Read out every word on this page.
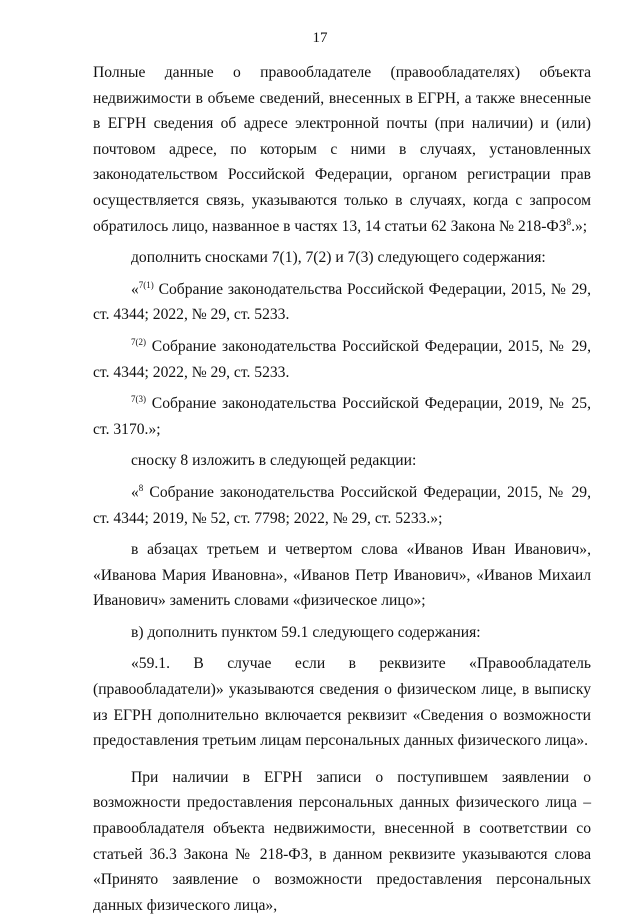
17

Полные данные о правообладателе (правообладателях) объекта недвижимости в объеме сведений, внесенных в ЕГРН, а также внесенные в ЕГРН сведения об адресе электронной почты (при наличии) и (или) почтовом адресе, по которым с ними в случаях, установленных законодательством Российской Федерации, органом регистрации прав осуществляется связь, указываются только в случаях, когда с запросом обратилось лицо, названное в частях 13, 14 статьи 62 Закона № $218-ФЗ^8$.»;

дополнить сносками 7(1), 7(2) и 7(3) следующего содержания:

«$^{7(1)}$ Собрание законодательства Российской Федерации, 2015, № 29, ст. 4344; 2022, № 29, ст. 5233.

$^{7(2)}$ Собрание законодательства Российской Федерации, 2015, № 29, ст. 4344; 2022, № 29, ст. 5233.

$^{7(3)}$ Собрание законодательства Российской Федерации, 2019, № 25, ст. 3170.»;

сноску 8 изложить в следующей редакции:

«$^8$ Собрание законодательства Российской Федерации, 2015, № 29, ст. 4344; 2019, № 52, ст. 7798; 2022, № 29, ст. 5233.»;

в абзацах третьем и четвертом слова «Иванов Иван Иванович», «Иванова Мария Ивановна», «Иванов Петр Иванович», «Иванов Михаил Иванович» заменить словами «физическое лицо»;

в) дополнить пунктом 59.1 следующего содержания:

«59.1. В случае если в реквизите «Правообладатель (правообладатели)» указываются сведения о физическом лице, в выписку из ЕГРН дополнительно включается реквизит «Сведения о возможности предоставления третьим лицам персональных данных физического лица».

При наличии в ЕГРН записи о поступившем заявлении о возможности предоставления персональных данных физического лица – правообладателя объекта недвижимости, внесенной в соответствии со статьей 36.3 Закона № 218-ФЗ, в данном реквизите указываются слова «Принято заявление о возможности предоставления персональных данных физического лица»,
